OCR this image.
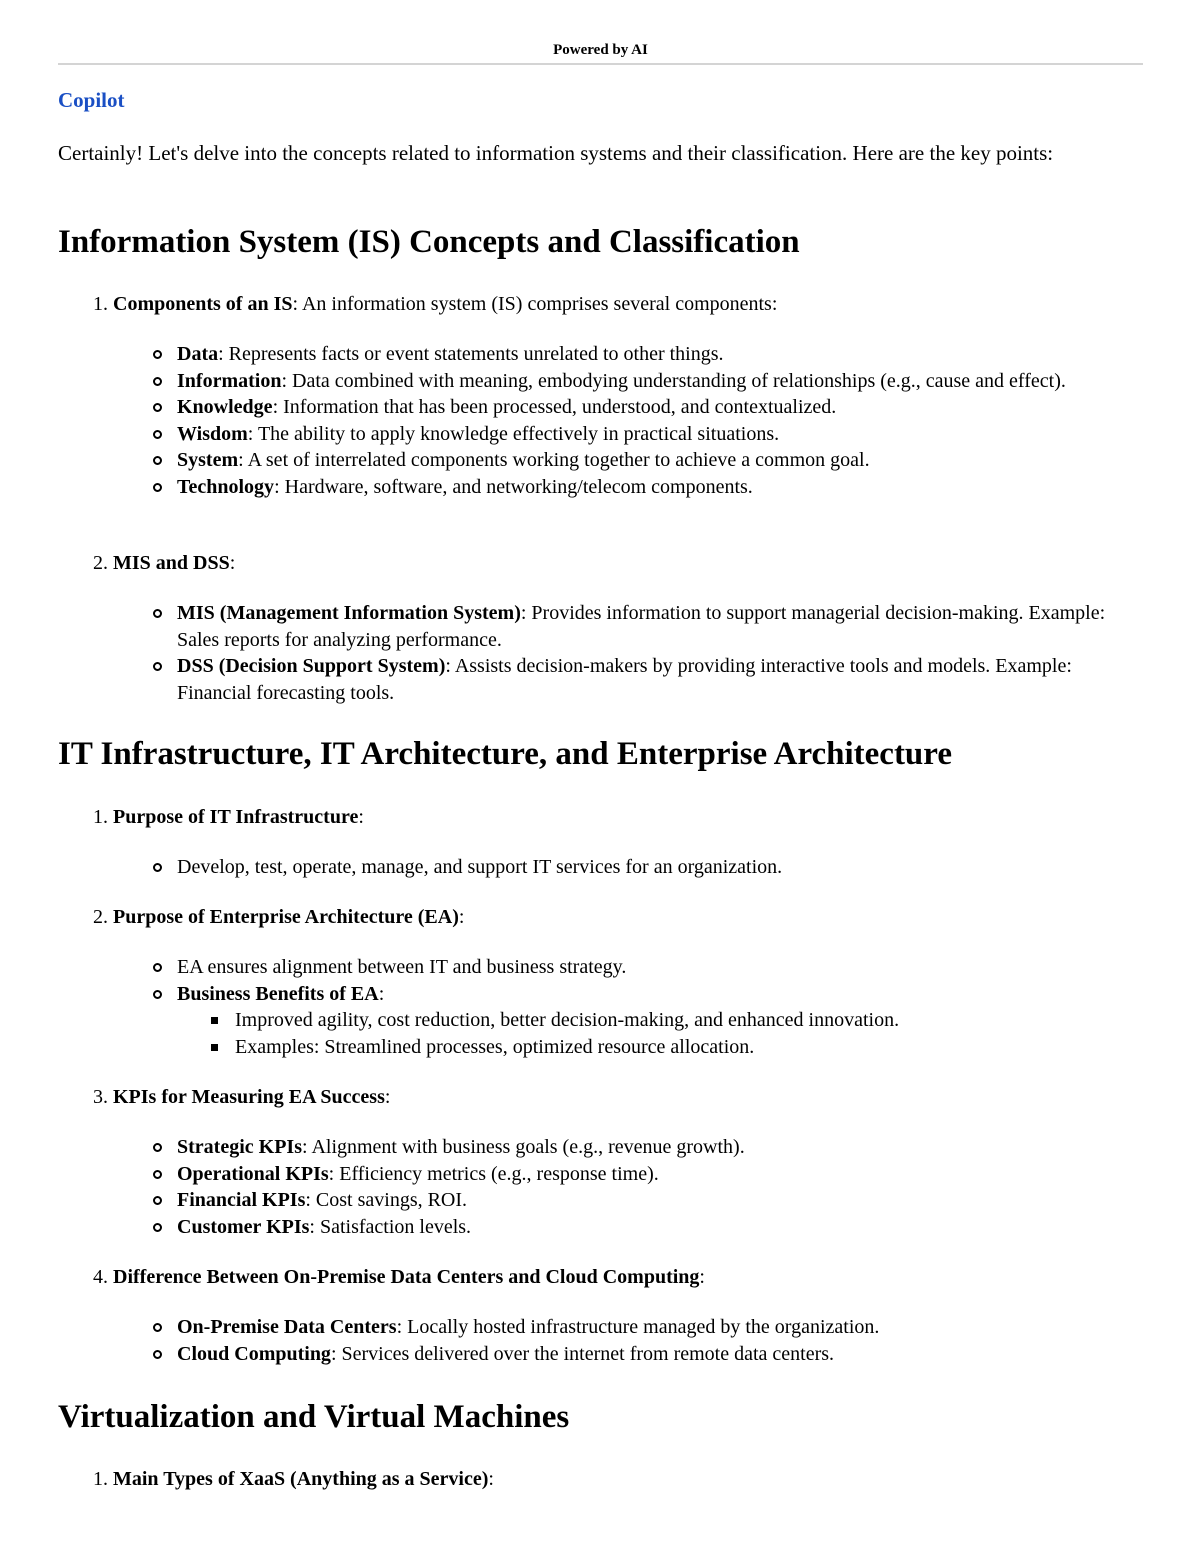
Powered by AI
Copilot
Certainly! Let's delve into the concepts related to information systems and their classification. Here are the key points:
Information System (IS) Concepts and Classification
1. Components of an IS: An information system (IS) comprises several components:
Data: Represents facts or event statements unrelated to other things.
Information: Data combined with meaning, embodying understanding of relationships (e.g., cause and effect).
Knowledge: Information that has been processed, understood, and contextualized.
Wisdom: The ability to apply knowledge effectively in practical situations.
System: A set of interrelated components working together to achieve a common goal.
Technology: Hardware, software, and networking/telecom components.
2. MIS and DSS:
MIS (Management Information System): Provides information to support managerial decision-making. Example: Sales reports for analyzing performance.
DSS (Decision Support System): Assists decision-makers by providing interactive tools and models. Example: Financial forecasting tools.
IT Infrastructure, IT Architecture, and Enterprise Architecture
1. Purpose of IT Infrastructure:
Develop, test, operate, manage, and support IT services for an organization.
2. Purpose of Enterprise Architecture (EA):
EA ensures alignment between IT and business strategy.
Business Benefits of EA:
Improved agility, cost reduction, better decision-making, and enhanced innovation.
Examples: Streamlined processes, optimized resource allocation.
3. KPIs for Measuring EA Success:
Strategic KPIs: Alignment with business goals (e.g., revenue growth).
Operational KPIs: Efficiency metrics (e.g., response time).
Financial KPIs: Cost savings, ROI.
Customer KPIs: Satisfaction levels.
4. Difference Between On-Premise Data Centers and Cloud Computing:
On-Premise Data Centers: Locally hosted infrastructure managed by the organization.
Cloud Computing: Services delivered over the internet from remote data centers.
Virtualization and Virtual Machines
1. Main Types of XaaS (Anything as a Service):
